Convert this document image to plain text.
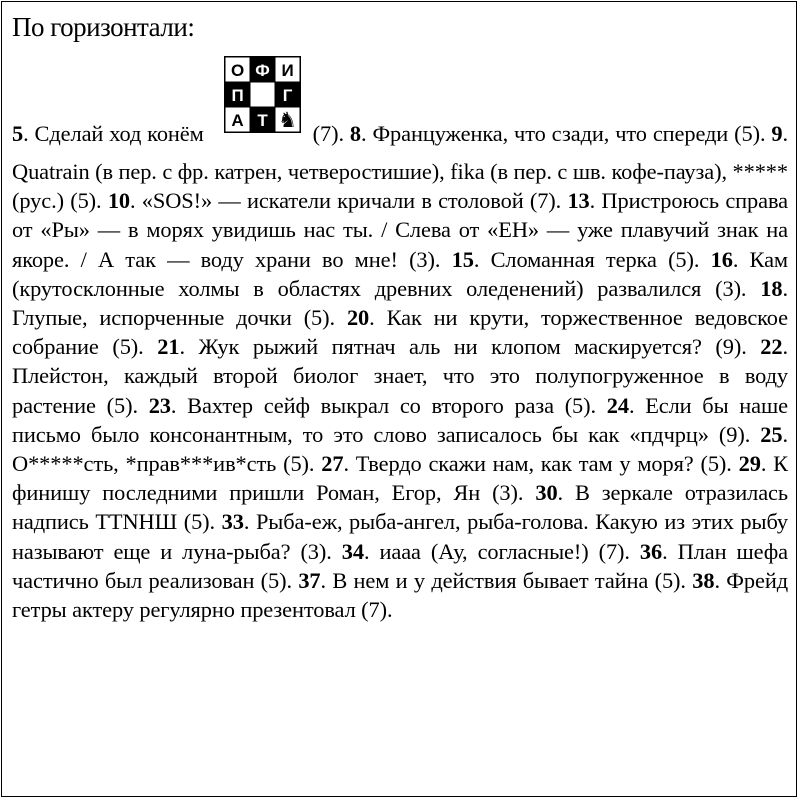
По горизонтали:
5. Сделай ход конём
О Ф И
П Г
А Т ♞
(7). 8. Француженка, что сзади, что спереди (5). 9. Quatrain (в пер. с фр. катрен, четверостишие), fika (в пер. с шв. кофе-пауза), ***** (рус.) (5). 10. «SOS!» — искатели кричали в столовой (7). 13. Пристроюсь справа от «Ры» — в морях увидишь нас ты. / Слева от «ЕН» — уже плавучий знак на якоре. / А так — воду храни во мне! (3). 15. Сломанная терка (5). 16. Кам (крутосклонные холмы в областях древних оледенений) развалился (3). 18. Глупые, испорченные дочки (5). 20. Как ни крути, торжественное ведовское собрание (5). 21. Жук рыжий пятнач аль ни клопом маскируется? (9). 22. Плейстон, каждый второй биолог знает, что это полупогруженное в воду растение (5). 23. Вахтер сейф выкрал со второго раза (5). 24. Если бы наше письмо было консонантным, то это слово записалось бы как «пдчрц» (9). 25. О*****сть, *прав***ив*сть (5). 27. Твердо скажи нам, как там у моря? (5). 29. К финишу последними пришли Роман, Егор, Ян (3). 30. В зеркале отразилась надпись TTNHШ (5). 33. Рыба-еж, рыба-ангел, рыба-голова. Какую из этих рыбу называют еще и луна-рыба? (3). 34. иааа (Ау, согласные!) (7). 36. План шефа частично был реализован (5). 37. В нем и у действия бывает тайна (5). 38. Фрейд гетры актеру регулярно презентовал (7).
